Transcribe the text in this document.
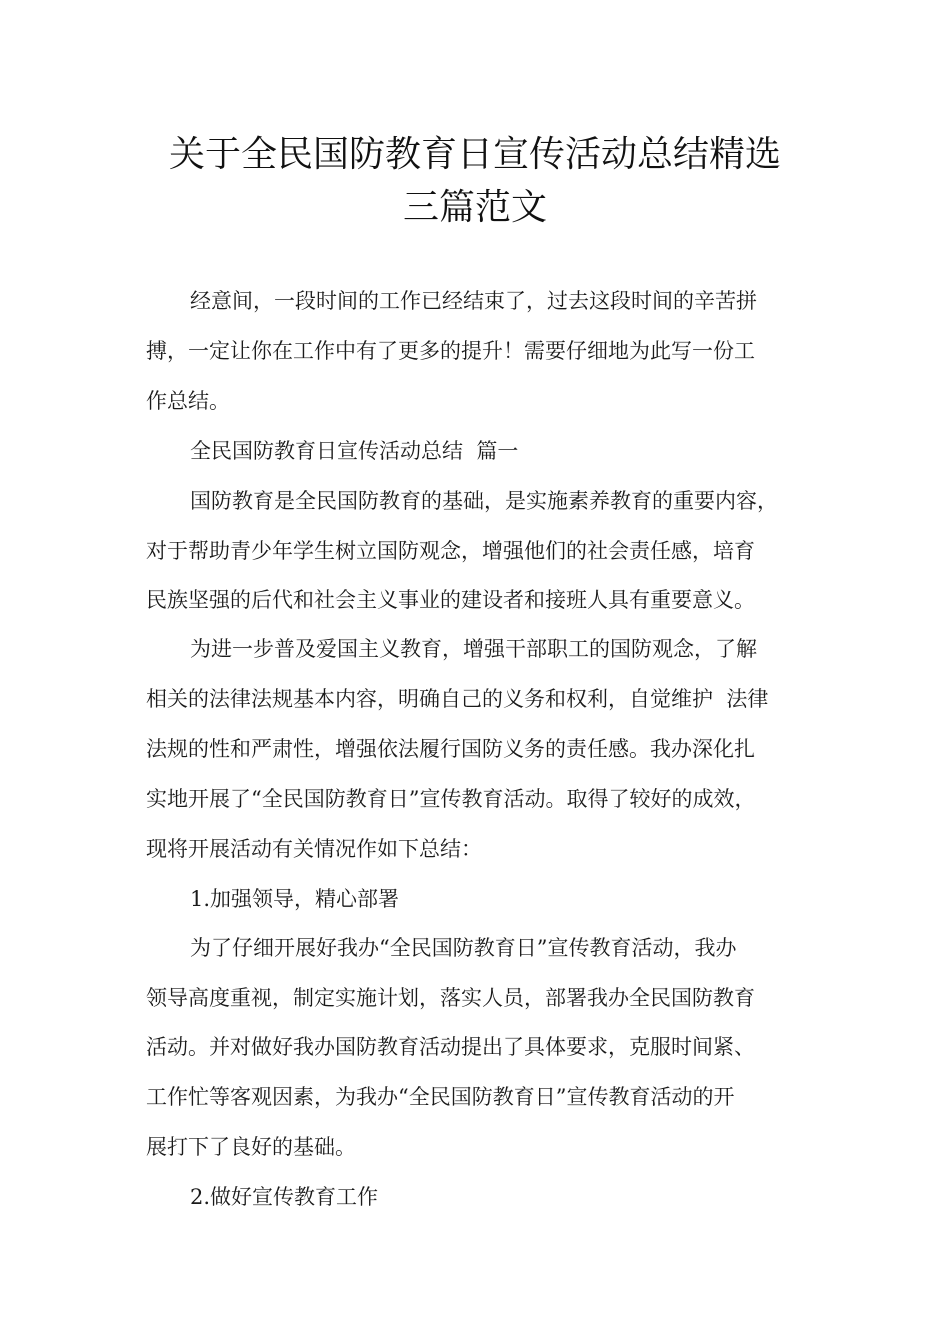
关于全民国防教育日宣传活动总结精选
三篇范文

经意间，一段时间的工作已经结束了，过去这段时间的辛苦拼

搏，一定让你在工作中有了更多的提升！需要仔细地为此写一份工

作总结。

全民国防教育日宣传活动总结  篇一

国防教育是全民国防教育的基础，是实施素养教育的重要内容，

对于帮助青少年学生树立国防观念，增强他们的社会责任感，培育

民族坚强的后代和社会主义事业的建设者和接班人具有重要意义。

为进一步普及爱国主义教育，增强干部职工的国防观念，了解

相关的法律法规基本内容，明确自己的义务和权利，自觉维护  法律

法规的性和严肃性，增强依法履行国防义务的责任感。我办深化扎

实地开展了“全民国防教育日”宣传教育活动。取得了较好的成效，

现将开展活动有关情况作如下总结：

1.加强领导，精心部署

为了仔细开展好我办“全民国防教育日”宣传教育活动，我办

领导高度重视，制定实施计划，落实人员，部署我办全民国防教育

活动。并对做好我办国防教育活动提出了具体要求，克服时间紧、

工作忙等客观因素，为我办“全民国防教育日”宣传教育活动的开

展打下了良好的基础。

2.做好宣传教育工作
